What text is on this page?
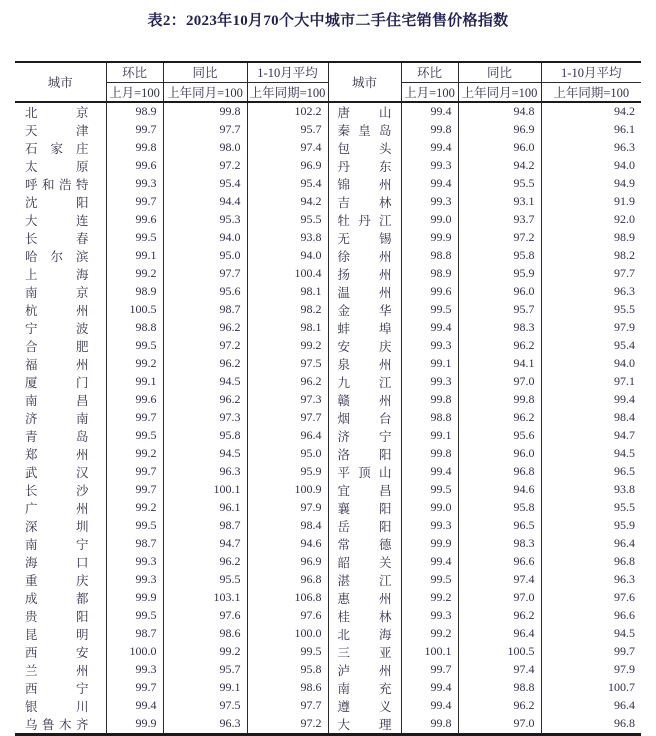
表2：2023年10月70个大中城市二手住宅销售价格指数
城市	环比	同比	1-10月平均	城市	环比	同比	1-10月平均
	上月=100	上年同月=100	上年同期=100		上月=100	上年同月=100	上年同期=100

北 京	98.9	99.8	102.2	唐 山	99.4	94.8	94.2

天 津	99.7	97.7	95.7	秦 皇 岛	99.8	96.9	96.1

石 家 庄	99.8	98.0	97.4	包 头	99.4	96.0	96.3

太 原	99.6	97.2	96.9	丹 东	99.3	94.2	94.0

呼 和 浩 特	99.3	95.4	95.4	锦 州	99.4	95.5	94.9

沈 阳	99.7	94.4	94.2	吉 林	99.3	93.1	91.9

大 连	99.6	95.3	95.5	牡 丹 江	99.0	93.7	92.0

长 春	99.5	94.0	93.8	无 锡	99.9	97.2	98.9

哈 尔 滨	99.1	95.0	94.0	徐 州	98.8	95.8	98.2

上 海	99.2	97.7	100.4	扬 州	98.9	95.9	97.7

南 京	98.9	95.6	98.1	温 州	99.6	96.0	96.3

杭 州	100.5	98.7	98.2	金 华	99.5	95.7	95.5

宁 波	98.8	96.2	98.1	蚌 埠	99.4	98.3	97.9

合 肥	99.5	97.2	99.2	安 庆	99.3	96.2	95.4

福 州	99.2	96.2	97.5	泉 州	99.1	94.1	94.0

厦 门	99.1	94.5	96.2	九 江	99.3	97.0	97.1

南 昌	99.6	96.2	97.3	赣 州	99.8	99.8	99.4

济 南	99.7	97.3	97.7	烟 台	98.8	96.2	98.4

青 岛	99.5	95.8	96.4	济 宁	99.1	95.6	94.7

郑 州	99.2	94.5	95.0	洛 阳	99.8	96.0	94.5

武 汉	99.7	96.3	95.9	平 顶 山	99.4	96.8	96.5

长 沙	99.7	100.1	100.9	宜 昌	99.5	94.6	93.8

广 州	99.2	96.1	97.9	襄 阳	99.0	95.8	95.5

深 圳	99.5	98.7	98.4	岳 阳	99.3	96.5	95.9

南 宁	98.7	94.7	94.6	常 德	99.9	98.3	96.4

海 口	99.3	96.2	96.9	韶 关	99.4	96.6	96.8

重 庆	99.3	95.5	96.8	湛 江	99.5	97.4	96.3

成 都	99.9	103.1	106.8	惠 州	99.2	97.0	97.6

贵 阳	99.5	97.6	97.6	桂 林	99.3	96.2	96.6

昆 明	98.7	98.6	100.0	北 海	99.2	96.4	94.5

西 安	100.0	99.2	99.5	三 亚	100.1	100.5	99.7

兰 州	99.3	95.7	95.8	泸 州	99.7	97.4	97.9

西 宁	99.7	99.1	98.6	南 充	99.4	98.8	100.7

银 川	99.4	97.5	97.7	遵 义	99.4	96.2	96.4

乌 鲁 木 齐	99.9	96.3	97.2	大 理	99.8	97.0	96.8
